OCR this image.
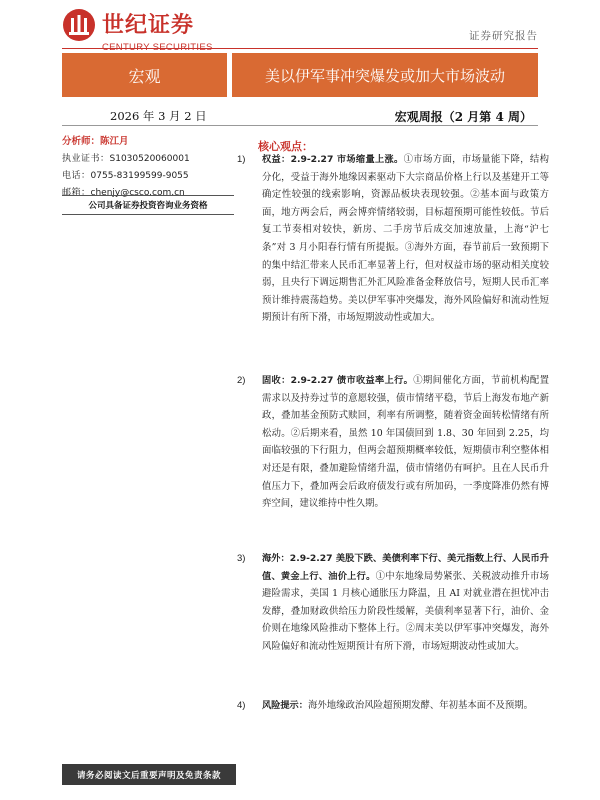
世纪证券	证券研究报告
宏观	美以伊军事冲突爆发或加大市场波动
2026 年 3 月 2 日	宏观周报（2 月第 4 周）
分析师：陈江月
执业证书：S1030520060001
电话：0755-83199599-9055
邮箱：chenjy@csco.com.cn
公司具备证券投资咨询业务资格
核心观点：
1)	权益：2.9-2.27 市场缩量上涨。①市场方面，市场量能下降，结构分化，受益于海外地缘因素驱动下大宗商品价格上行以及基建开工等确定性较强的线索影响，资源品板块表现较强。②基本面与政策方面，地方两会后，两会博弈情绪较弱，目标超预期可能性较低。节后复工节奏相对较快，新房、二手房节后成交加速放量，上海“沪七条”对 3 月小阳春行情有所提振。③海外方面，春节前后一致预期下的集中结汇带来人民币汇率显著上行，但对权益市场的驱动相关度较弱，且央行下调远期售汇外汇风险准备金释放信号，短期人民币汇率预计维持震荡趋势。美以伊军事冲突爆发，海外风险偏好和流动性短期预计有所下滑，市场短期波动性或加大。
2)	固收：2.9-2.27 债市收益率上行。①期间催化方面，节前机构配置需求以及持券过节的意愿较强，债市情绪平稳，节后上海发布地产新政，叠加基金预防式赎回，利率有所调整，随着资金面转松情绪有所松动。②后期来看，虽然 10 年国债回到 1.8、30 年回到 2.25，均面临较强的下行阻力，但两会超预期概率较低，短期债市利空整体相对还是有限，叠加避险情绪升温，债市情绪仍有呵护。且在人民币升值压力下，叠加两会后政府债发行或有所加码，一季度降准仍然有博弈空间，建议维持中性久期。
3)	海外：2.9-2.27 美股下跌、美债利率下行、美元指数上行、人民币升值、黄金上行、油价上行。①中东地缘局势紧张、关税波动推升市场避险需求，美国 1 月核心通胀压力降温，且 AI 对就业潜在担忧冲击发酵，叠加财政供给压力阶段性缓解，美债利率显著下行，油价、金价则在地缘风险推动下整体上行。②周末美以伊军事冲突爆发，海外风险偏好和流动性短期预计有所下滑，市场短期波动性或加大。
4)	风险提示：海外地缘政治风险超预期发酵、年初基本面不及预期。
请务必阅读文后重要声明及免责条款
